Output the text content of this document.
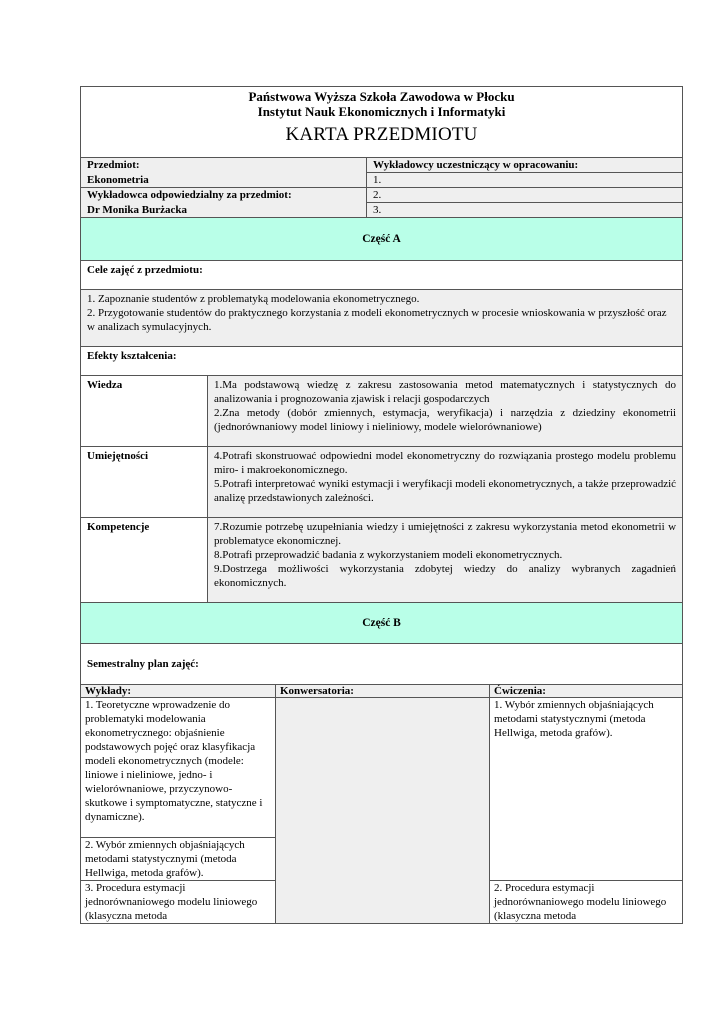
Państwowa Wyższa Szkoła Zawodowa w Płocku
Instytut Nauk Ekonomicznych i Informatyki
KARTA PRZEDMIOTU		

Przedmiot:		Wykładowcy uczestniczący w opracowaniu:
Ekonometria		1.
Wykładowca odpowiedzialny za przedmiot:		2.
Dr Monika Burżacka		3.
Część A		
Cele zajęć z przedmiotu:		

1. Zapoznanie studentów z problematyką modelowania ekonometrycznego.
2. Przygotowanie studentów do praktycznego korzystania z modeli ekonometrycznych w procesie wnioskowania w przyszłość oraz w analizach symulacyjnych.		

Efekty kształcenia:		
Wiedza	1.Ma podstawową wiedzę z zakresu zastosowania metod matematycznych i statystycznych do analizowania i prognozowania zjawisk i relacji gospodarczych
2.Zna metody (dobór zmiennych, estymacja, weryfikacja) i narzędzia z dziedziny ekonometrii (jednorównaniowy model liniowy i nieliniowy, modele wielorównaniowe)	

Umiejętności	4.Potrafi skonstruować odpowiedni model ekonometryczny do rozwiązania prostego modelu problemu miro- i makroekonomicznego.
5.Potrafi interpretować wyniki estymacji i weryfikacji modeli ekonometrycznych, a także przeprowadzić analizę przedstawionych zależności.	

Kompetencje	7.Rozumie potrzebę uzupełniania wiedzy i umiejętności z zakresu wykorzystania metod ekonometrii w problematyce ekonomicznej.
8.Potrafi przeprowadzić badania z wykorzystaniem modeli ekonometrycznych.
9.Dostrzega możliwości wykorzystania zdobytej wiedzy do analizy wybranych zagadnień ekonomicznych.	

Część B		
Semestralny plan zajęć:		
Wykłady:	Konwersatoria:	Ćwiczenia:
1. Teoretyczne wprowadzenie do problematyki modelowania ekonometrycznego: objaśnienie podstawowych pojęć oraz klasyfikacja modeli ekonometrycznych (modele: liniowe i nieliniowe, jedno- i wielorównaniowe, przyczynowo-skutkowe i symptomatyczne, statyczne i dynamiczne).		1. Wybór zmiennych objaśniających metodami statystycznymi (metoda Hellwiga, metoda grafów).
2. Wybór zmiennych objaśniających metodami statystycznymi (metoda Hellwiga, metoda grafów).		
3. Procedura estymacji jednorównaniowego modelu liniowego (klasyczna metoda		2. Procedura estymacji jednorównaniowego modelu liniowego (klasyczna metoda
